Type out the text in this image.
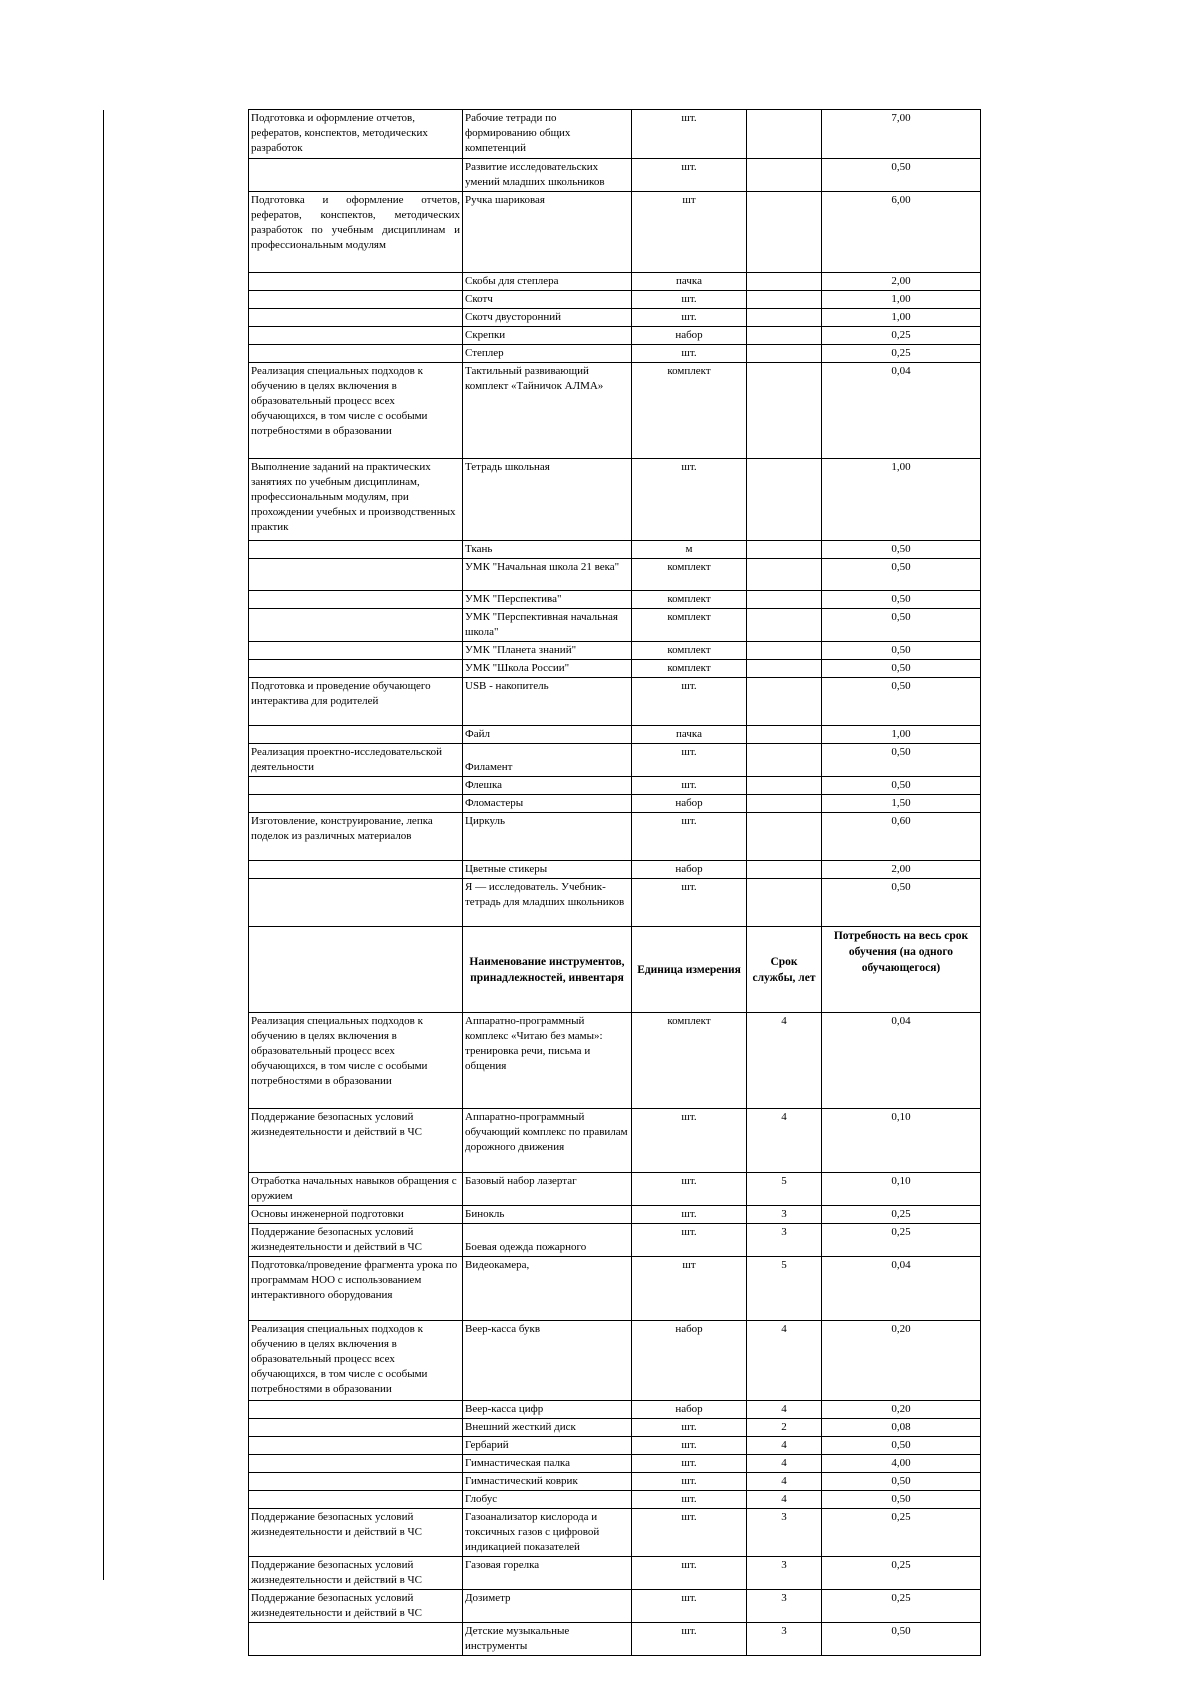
Подготовка и оформление отчетов, рефератов, конспектов, методических разработок	Рабочие тетради по формированию общих компетенций	шт.		7,00
	Развитие исследовательских умений младших школьников	шт.		0,50
Подготовка и оформление отчетов, рефератов, конспектов, методических разработок по учебным дисциплинам и профессиональным модулям	Ручка шариковая	шт		6,00
	Скобы для степлера	пачка		2,00
	Скотч	шт.		1,00
	Скотч двусторонний	шт.		1,00
	Скрепки	набор		0,25
	Степлер	шт.		0,25
Реализация специальных подходов к обучению в целях включения в образовательный процесс всех обучающихся, в том числе с особыми потребностями в образовании	Тактильный развивающий комплект «Тайничок АЛМА»	комплект		0,04
Выполнение заданий на практических занятиях по учебным дисциплинам, профессиональным модулям, при прохождении учебных и производственных практик	Тетрадь школьная	шт.		1,00
	Ткань	м		0,50
	УМК "Начальная школа 21 века"	комплект		0,50
	УМК "Перспектива"	комплект		0,50
	УМК "Перспективная начальная школа"	комплект		0,50
	УМК "Планета знаний"	комплект		0,50
	УМК "Школа России"	комплект		0,50
Подготовка и проведение обучающего интерактива для родителей	USB - накопитель	шт.		0,50
	Файл	пачка		1,00
Реализация проектно-исследовательской деятельности	Филамент	шт.		0,50
	Флешка	шт.		0,50
	Фломастеры	набор		1,50
Изготовление, конструирование, лепка поделок из различных материалов	Циркуль	шт.		0,60
	Цветные стикеры	набор		2,00
	Я — исследователь. Учебник-тетрадь для младших школьников	шт.		0,50
	Наименование инструментов, принадлежностей, инвентаря	Единица измерения	Срок службы, лет	Потребность на весь срок обучения (на одного обучающегося)
Реализация специальных подходов к обучению в целях включения в образовательный процесс всех обучающихся, в том числе с особыми потребностями в образовании	Аппаратно-программный комплекс «Читаю без мамы»: тренировка речи, письма и общения	комплект	4	0,04
Поддержание безопасных условий жизнедеятельности и действий в ЧС	Аппаратно-программный обучающий комплекс по правилам дорожного движения	шт.	4	0,10
Отработка начальных навыков обращения с оружием	Базовый набор лазертаг	шт.	5	0,10
Основы инженерной подготовки	Бинокль	шт.	3	0,25
Поддержание безопасных условий жизнедеятельности и действий в ЧС	Боевая одежда пожарного	шт.	3	0,25
Подготовка/проведение фрагмента урока по программам НОО с использованием интерактивного оборудования	Видеокамера,	шт	5	0,04
Реализация специальных подходов к обучению в целях включения в образовательный процесс всех обучающихся, в том числе с особыми потребностями в образовании	Веер-касса букв	набор	4	0,20
	Веер-касса цифр	набор	4	0,20
	Внешний жесткий диск	шт.	2	0,08
	Гербарий	шт.	4	0,50
	Гимнастическая палка	шт.	4	4,00
	Гимнастический коврик	шт.	4	0,50
	Глобус	шт.	4	0,50
Поддержание безопасных условий жизнедеятельности и действий в ЧС	Газоанализатор кислорода и токсичных газов с цифровой индикацией показателей	шт.	3	0,25
Поддержание безопасных условий жизнедеятельности и действий в ЧС	Газовая горелка	шт.	3	0,25
Поддержание безопасных условий жизнедеятельности и действий в ЧС	Дозиметр	шт.	3	0,25
	Детские музыкальные инструменты	шт.	3	0,50
